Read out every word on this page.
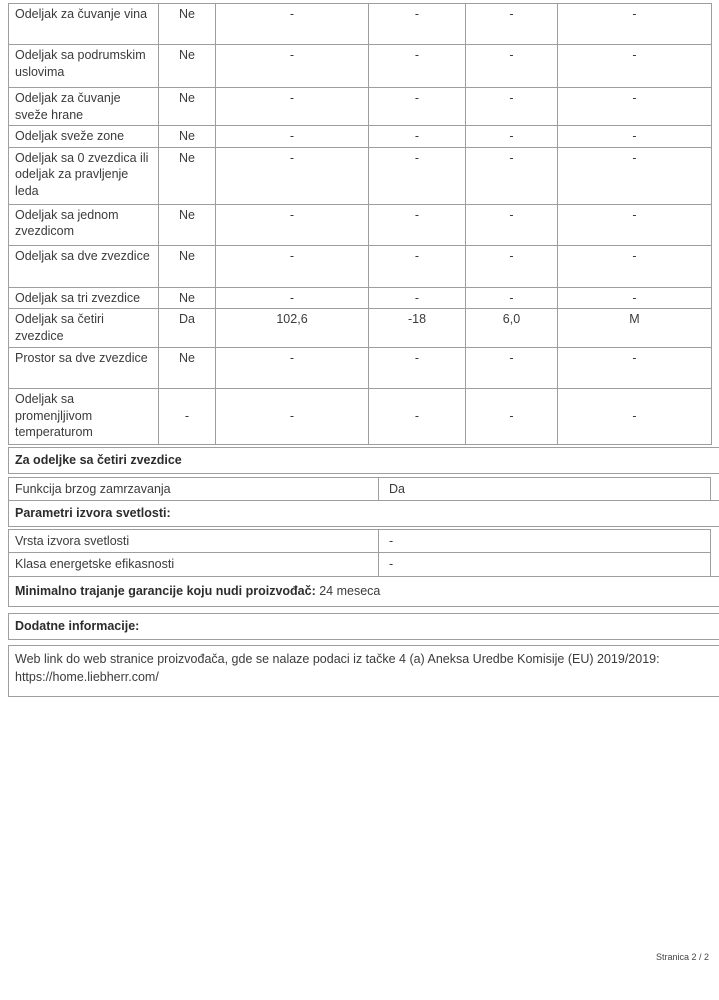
Odeljak za čuvanje vina	Ne	-	-	-	-
Odeljak sa podrumskim uslovima	Ne	-	-	-	-
Odeljak za čuvanje sveže hrane	Ne	-	-	-	-
Odeljak sveže zone	Ne	-	-	-	-
Odeljak sa 0 zvezdica ili odeljak za pravljenje leda	Ne	-	-	-	-
Odeljak sa jednom zvezdicom	Ne	-	-	-	-
Odeljak sa dve zvezdice	Ne	-	-	-	-
Odeljak sa tri zvezdice	Ne	-	-	-	-
Odeljak sa četiri zvezdice	Da	102,6	-18	6,0	M
Prostor sa dve zvezdice	Ne	-	-	-	-
Odeljak sa promenjljivom temperaturom	-	-	-	-	-
Za odeljke sa četiri zvezdice
Funkcija brzog zamrzavanja	Da
Parametri izvora svetlosti:
Vrsta izvora svetlosti	-
Klasa energetske efikasnosti	-
Minimalno trajanje garancije koju nudi proizvođač: 24 meseca
Dodatne informacije:
Web link do web stranice proizvođača, gde se nalaze podaci iz tačke 4 (a) Aneksa Uredbe Komisije (EU) 2019/2019: https://home.liebherr.com/
Stranica 2 / 2
